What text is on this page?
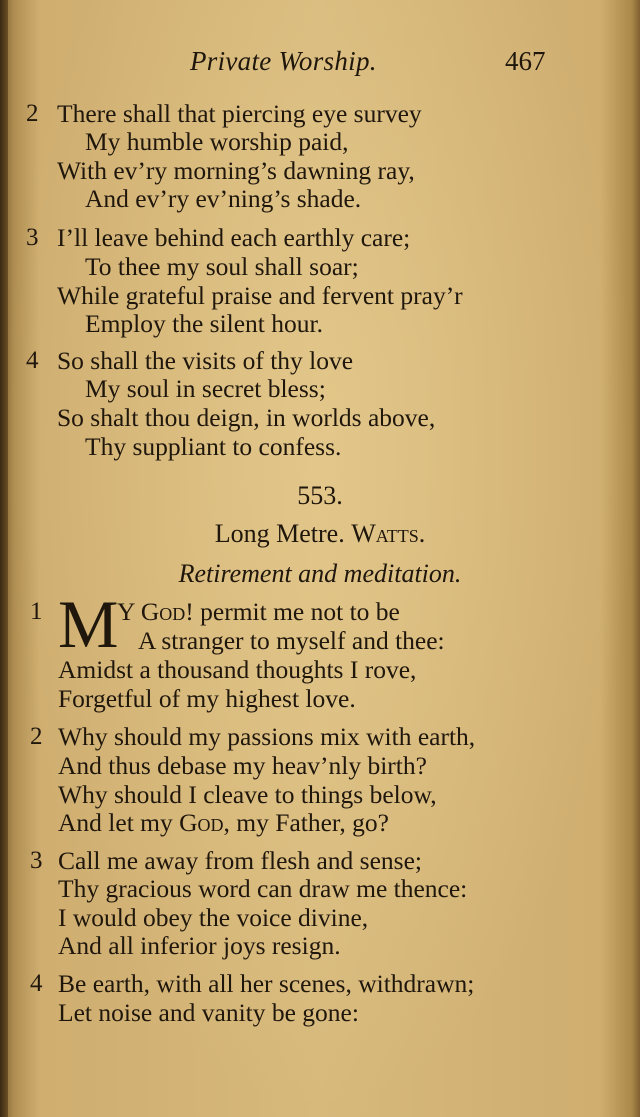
Private Worship.	467
2 There shall that piercing eye survey
My humble worship paid,
With ev’ry morning’s dawning ray,
And ev’ry ev’ning’s shade.
3 I’ll leave behind each earthly care;
To thee my soul shall soar;
While grateful praise and fervent pray’r
Employ the silent hour.
4 So shall the visits of thy love
My soul in secret bless;
So shalt thou deign, in worlds above,
Thy suppliant to confess.
553.
Long Metre. Watts.
Retirement and meditation.
1 M
Y God! permit me not to be
A stranger to myself and thee:
Amidst a thousand thoughts I rove,
Forgetful of my highest love.
2 Why should my passions mix with earth,
And thus debase my heav’nly birth?
Why should I cleave to things below,
And let my God, my Father, go?
3 Call me away from flesh and sense;
Thy gracious word can draw me thence:
I would obey the voice divine,
And all inferior joys resign.
4 Be earth, with all her scenes, withdrawn;
Let noise and vanity be gone:
